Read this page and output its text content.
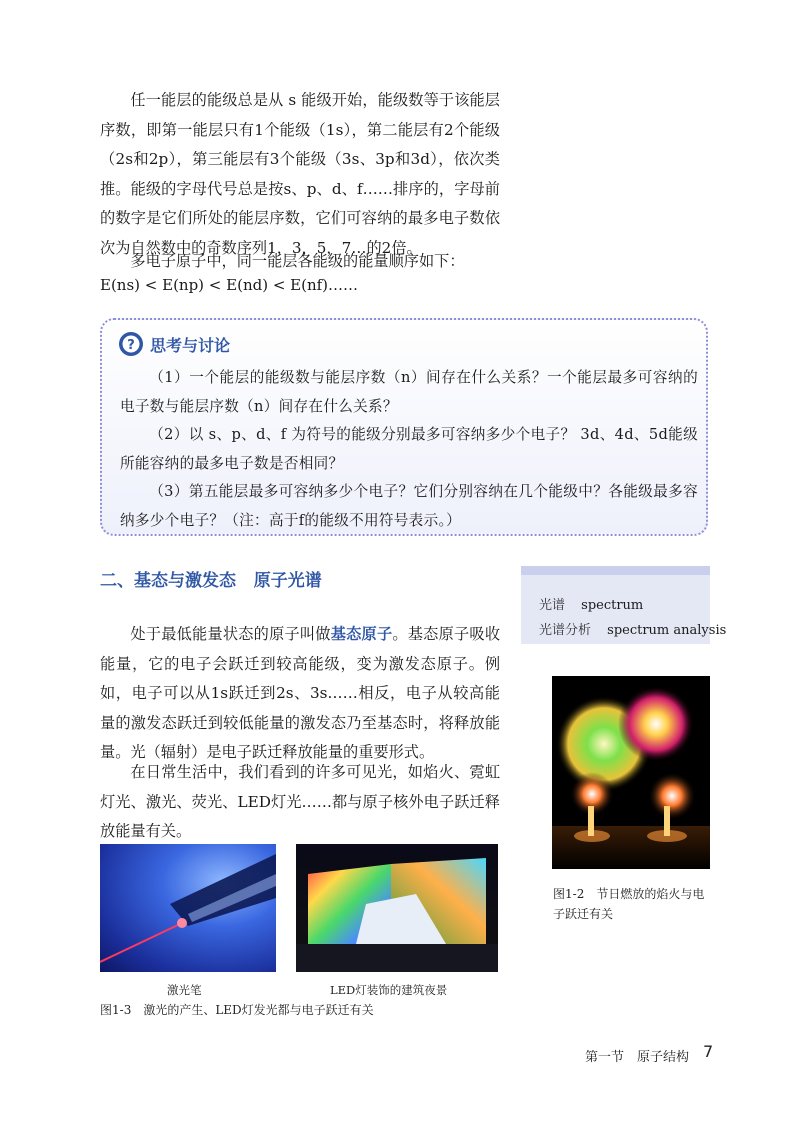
任一能层的能级总是从 s 能级开始，能级数等于该能层序数，即第一能层只有1个能级（1s），第二能层有2个能级（2s和2p），第三能层有3个能级（3s、3p和3d），依次类推。能级的字母代号总是按s、p、d、f……排序的，字母前的数字是它们所处的能层序数，它们可容纳的最多电子数依次为自然数中的奇数序列1，3，5，7…的2倍。

多电子原子中，同一能层各能级的能量顺序如下：

E(ns) < E(np) < E(nd) < E(nf)……
? 思考与讨论

（1）一个能层的能级数与能层序数（n）间存在什么关系？一个能层最多可容纳的电子数与能层序数（n）间存在什么关系？

（2）以 s、p、d、f 为符号的能级分别最多可容纳多少个电子？ 3d、4d、5d能级所能容纳的最多电子数是否相同？

（3）第五能层最多可容纳多少个电子？它们分别容纳在几个能级中？各能级最多容纳多少个电子？（注：高于f的能级不用符号表示。）

二、基态与激发态   原子光谱
光谱 spectrum
光谱分析 spectrum analysis

处于最低能量状态的原子叫做基态原子。基态原子吸收能量，它的电子会跃迁到较高能级，变为激发态原子。例如，电子可以从1s跃迁到2s、3s……相反，电子从较高能量的激发态跃迁到较低能量的激发态乃至基态时，将释放能量。光（辐射）是电子跃迁释放能量的重要形式。

在日常生活中，我们看到的许多可见光，如焰火、霓虹灯光、激光、荧光、LED灯光……都与原子核外电子跃迁释放能量有关。

图1-2　节日燃放的焰火与电子跃迁有关

激光笔	LED灯装饰的建筑夜景

图1-3　激光的产生、LED灯发光都与电子跃迁有关

第一节　原子结构 7
